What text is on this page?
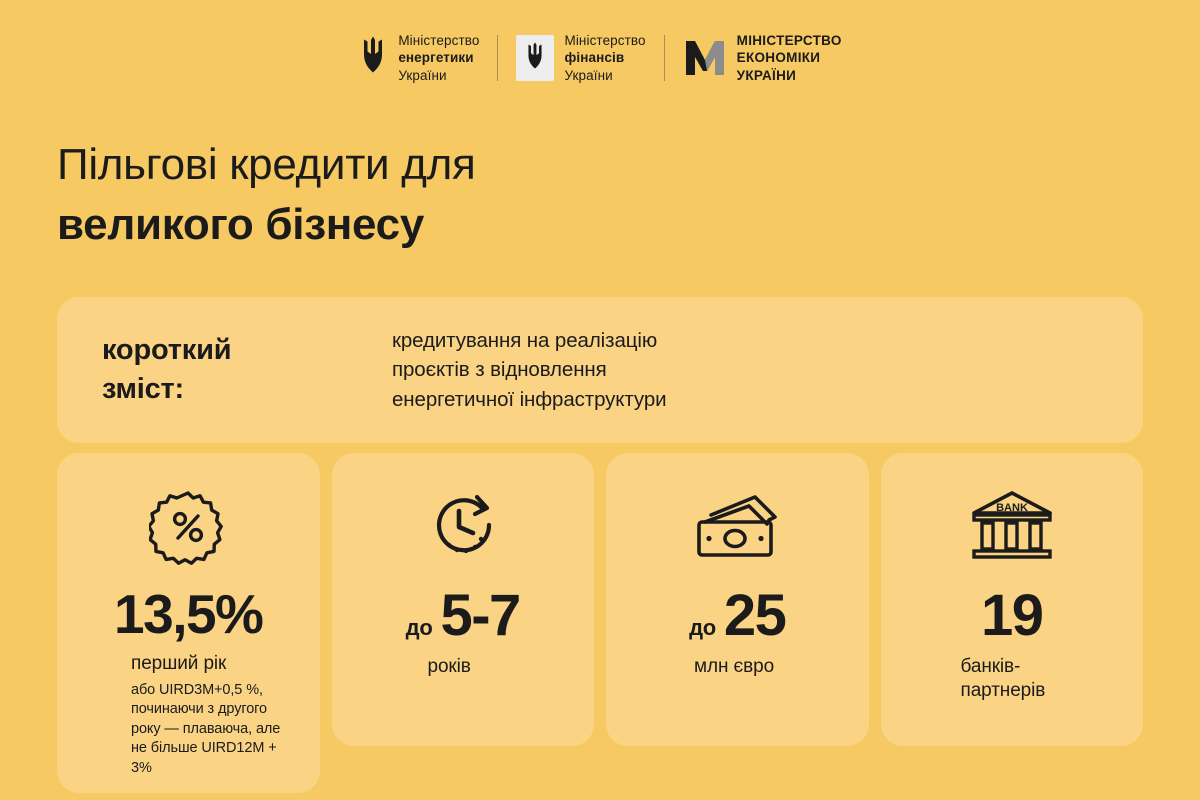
Міністерство
енергетики
України
Міністерство
фінансів
України
МІНІСТЕРСТВО
ЕКОНОМІКИ
УКРАЇНИ
Пільгові кредити для
великого бізнесу
короткий
зміст:
кредитування на реалізацію
проєктів з відновлення
енергетичної інфраструктури
13,5%
перший рік
або UIRD3M+0,5 %,
починаючи з другого
року — плаваюча, але
не більше UIRD12M + 3%
до 5-7
років
до 25
млн євро
BANK
19
банків-
партнерів
